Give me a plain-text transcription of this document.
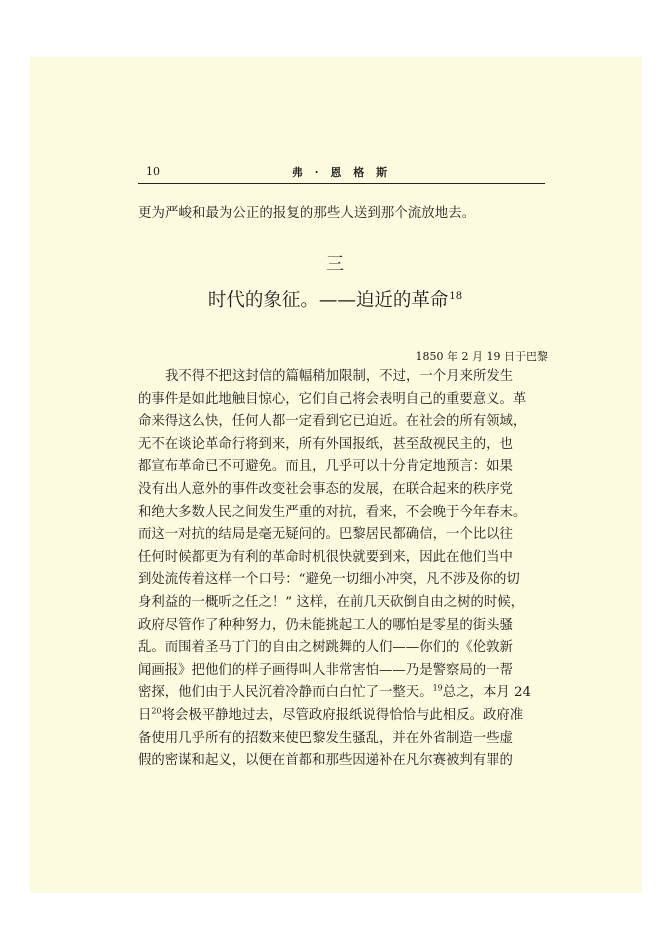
10	弗 · 恩 格 斯
更为严峻和最为公正的报复的那些人送到那个流放地去。
三
时代的象征。——迫近的革命$^{18}$
1850 年 2 月 19 日于巴黎
我不得不把这封信的篇幅稍加限制，不过，一个月来所发生
的事件是如此地触目惊心，它们自己将会表明自己的重要意义。革
命来得这么快，任何人都一定看到它已迫近。在社会的所有领域，
无不在谈论革命行将到来，所有外国报纸，甚至敌视民主的，也
都宣布革命已不可避免。而且，几乎可以十分肯定地预言：如果
没有出人意外的事件改变社会事态的发展，在联合起来的秩序党
和绝大多数人民之间发生严重的对抗，看来，不会晚于今年春末。
而这一对抗的结局是毫无疑问的。巴黎居民都确信，一个比以往
任何时候都更为有利的革命时机很快就要到来，因此在他们当中
到处流传着这样一个口号：“避免一切细小冲突，凡不涉及你的切
身利益的一概听之任之！” 这样，在前几天砍倒自由之树的时候，
政府尽管作了种种努力，仍未能挑起工人的哪怕是零星的街头骚
乱。而围着圣马丁门的自由之树跳舞的人们——你们的《伦敦新
闻画报》把他们的样子画得叫人非常害怕——乃是警察局的一帮
密探，他们由于人民沉着冷静而白白忙了一整天。$^{19}$总之，本月 24
日$^{20}$将会极平静地过去，尽管政府报纸说得恰恰与此相反。政府准
备使用几乎所有的招数来使巴黎发生骚乱，并在外省制造一些虚
假的密谋和起义，以便在首都和那些因递补在凡尔赛被判有罪的
